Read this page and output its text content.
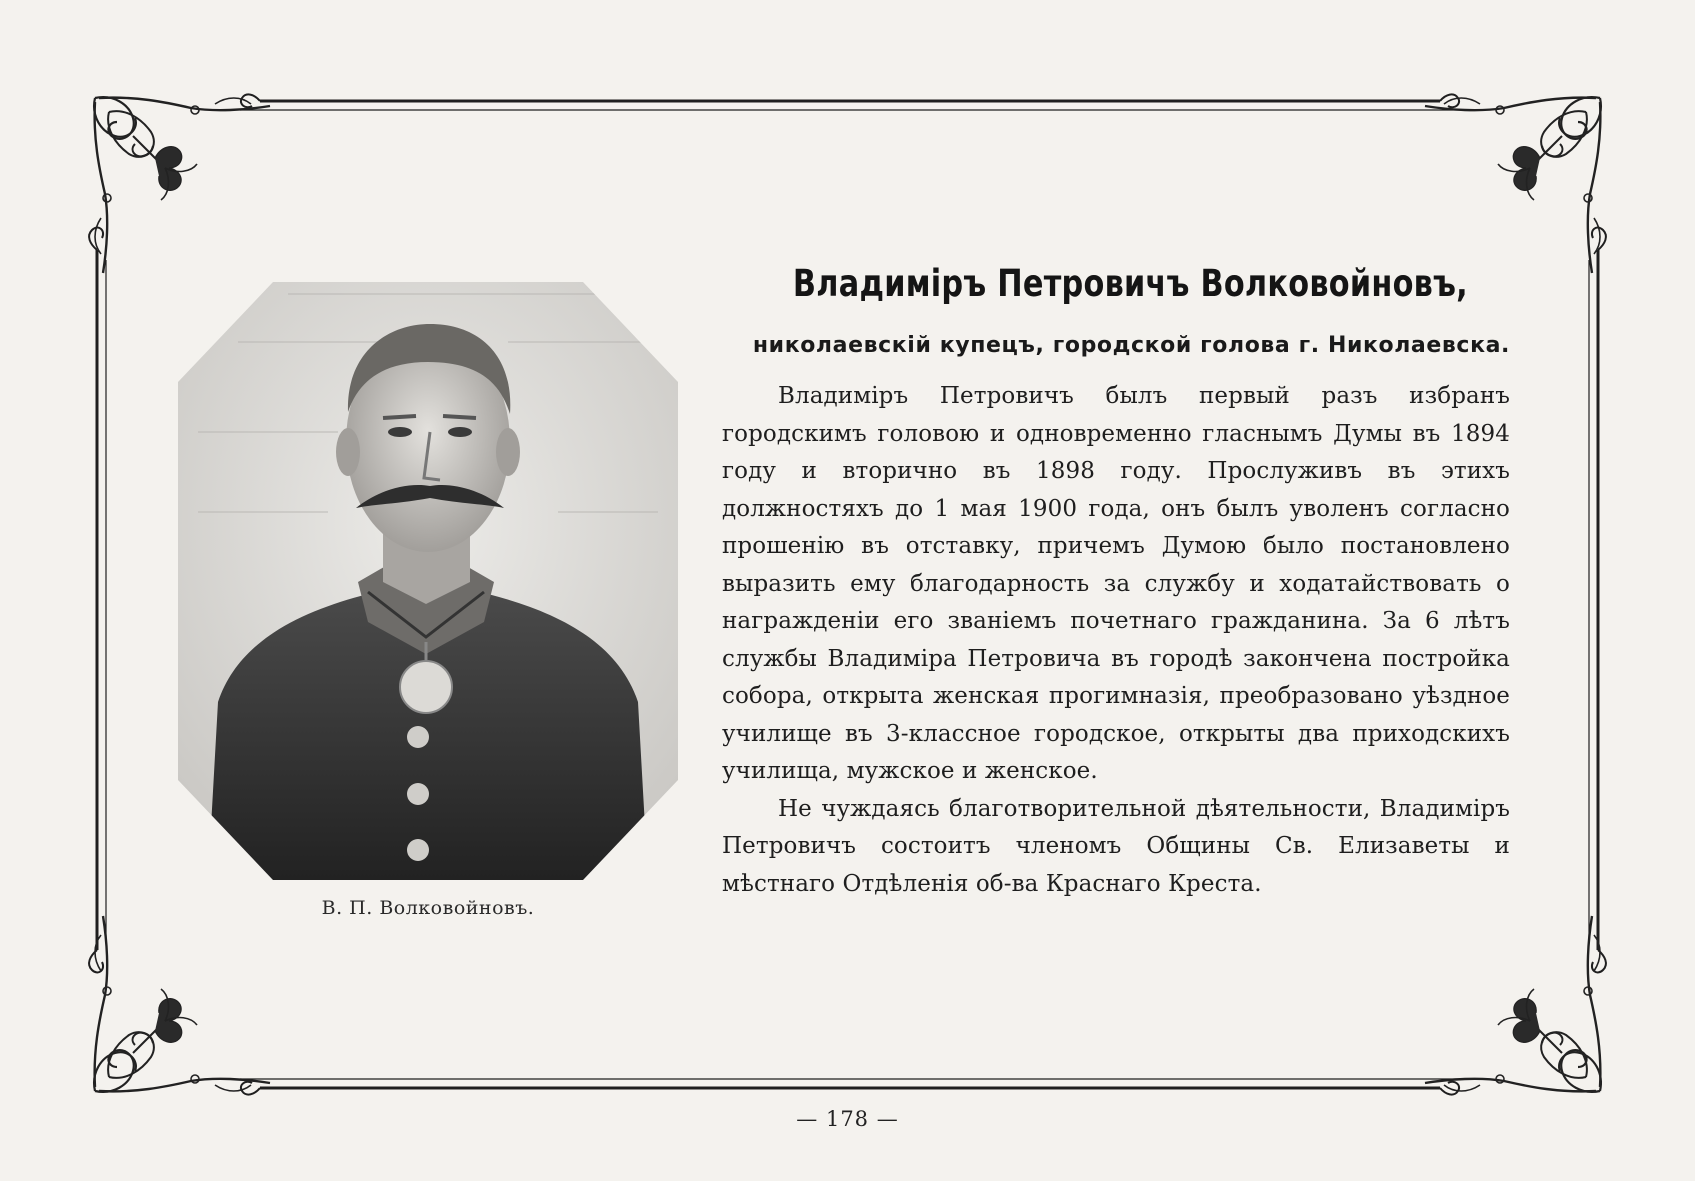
В. П. Волковойновъ.
Владиміръ Петровичъ Волковойновъ,
николаевскій купецъ, городской голова г. Николаевска.

Владиміръ Петровичъ былъ первый разъ избранъ городскимъ головою и одновременно гласнымъ Думы въ 1894 году и вторично въ 1898 году. Прослуживъ въ этихъ должностяхъ до 1 мая 1900 года, онъ былъ уволенъ согласно прошенію въ отставку, причемъ Думою было постановлено выразить ему благодарность за службу и ходатайствовать о награжденіи его званіемъ почетнаго гражданина. За 6 лѣтъ службы Владиміра Петровича въ городѣ закончена постройка собора, открыта женская прогимназія, преобразовано уѣздное училище въ 3-классное городское, открыты два приходскихъ училища, мужское и женское.

Не чуждаясь благотворительной дѣятельности, Владиміръ Петровичъ состоитъ членомъ Общины Св. Елизаветы и мѣстнаго Отдѣленія об-ва Краснаго Креста.

— 178 —
